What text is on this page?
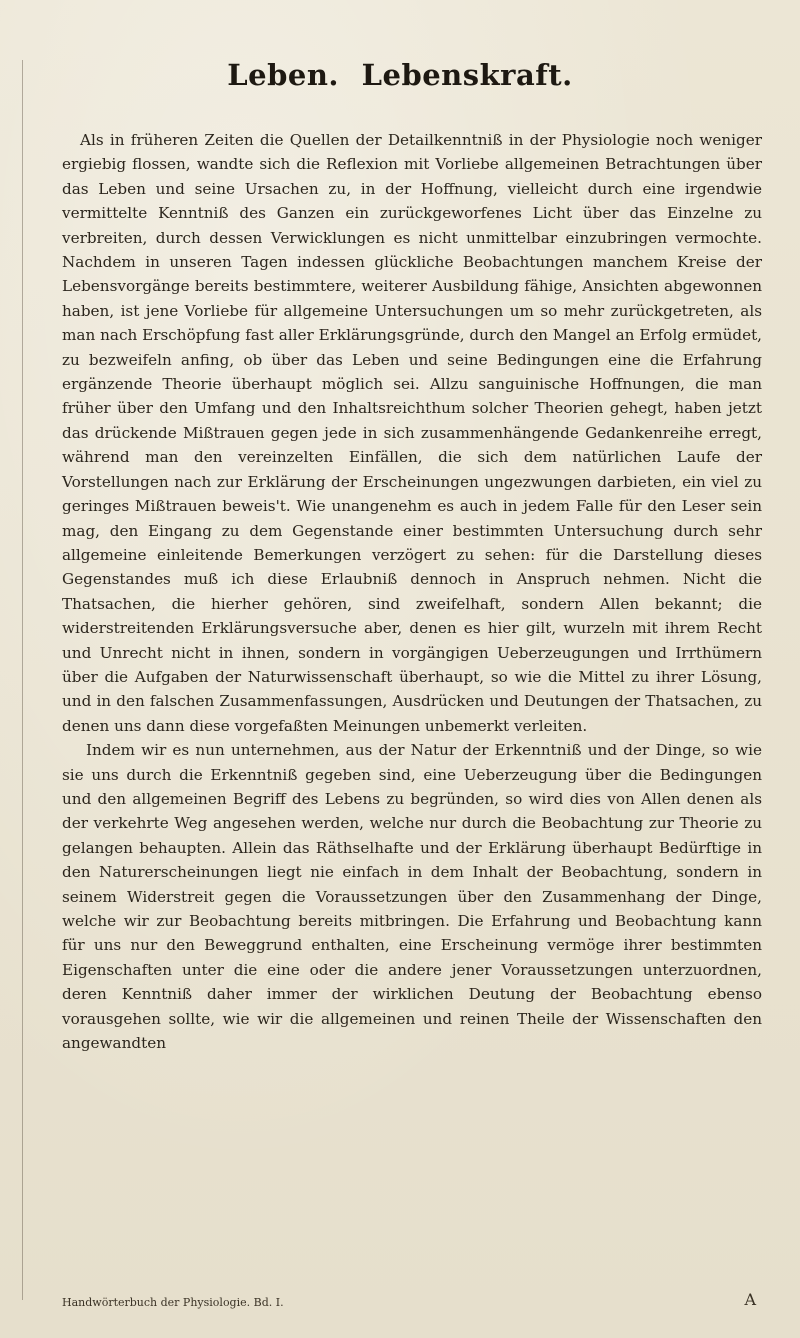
Leben. Lebenskraft.

Als in früheren Zeiten die Quellen der Detailkenntniß in der Physiologie noch weniger ergiebig flossen, wandte sich die Reflexion mit Vorliebe allgemeinen Betrachtungen über das Leben und seine Ursachen zu, in der Hoffnung, vielleicht durch eine irgendwie vermittelte Kenntniß des Ganzen ein zurückgeworfenes Licht über das Einzelne zu verbreiten, durch dessen Verwicklungen es nicht unmittelbar einzubringen vermochte. Nachdem in unseren Tagen indessen glückliche Beobachtungen manchem Kreise der Lebensvorgänge bereits bestimmtere, weiterer Ausbildung fähige, Ansichten abgewonnen haben, ist jene Vorliebe für allgemeine Untersuchungen um so mehr zurückgetreten, als man nach Erschöpfung fast aller Erklärungsgründe, durch den Mangel an Erfolg ermüdet, zu bezweifeln anfing, ob über das Leben und seine Bedingungen eine die Erfahrung ergänzende Theorie überhaupt möglich sei. Allzu sanguinische Hoffnungen, die man früher über den Umfang und den Inhaltsreichthum solcher Theorien gehegt, haben jetzt das drückende Mißtrauen gegen jede in sich zusammenhängende Gedankenreihe erregt, während man den vereinzelten Einfällen, die sich dem natürlichen Laufe der Vorstellungen nach zur Erklärung der Erscheinungen ungezwungen darbieten, ein viel zu geringes Mißtrauen beweis't. Wie unangenehm es auch in jedem Falle für den Leser sein mag, den Eingang zu dem Gegenstande einer bestimmten Untersuchung durch sehr allgemeine einleitende Bemerkungen verzögert zu sehen: für die Darstellung dieses Gegenstandes muß ich diese Erlaubniß dennoch in Anspruch nehmen. Nicht die Thatsachen, die hierher gehören, sind zweifelhaft, sondern Allen bekannt; die widerstreitenden Erklärungsversuche aber, denen es hier gilt, wurzeln mit ihrem Recht und Unrecht nicht in ihnen, sondern in vorgängigen Ueberzeugungen und Irrthümern über die Aufgaben der Naturwissenschaft überhaupt, so wie die Mittel zu ihrer Lösung, und in den falschen Zusammenfassungen, Ausdrücken und Deutungen der Thatsachen, zu denen uns dann diese vorgefaßten Meinungen unbemerkt verleiten.

Indem wir es nun unternehmen, aus der Natur der Erkenntniß und der Dinge, so wie sie uns durch die Erkenntniß gegeben sind, eine Ueberzeugung über die Bedingungen und den allgemeinen Begriff des Lebens zu begründen, so wird dies von Allen denen als der verkehrte Weg angesehen werden, welche nur durch die Beobachtung zur Theorie zu gelangen behaupten. Allein das Räthselhafte und der Erklärung überhaupt Bedürftige in den Naturerscheinungen liegt nie einfach in dem Inhalt der Beobachtung, sondern in seinem Widerstreit gegen die Voraussetzungen über den Zusammenhang der Dinge, welche wir zur Beobachtung bereits mitbringen. Die Erfahrung und Beobachtung kann für uns nur den Beweggrund enthalten, eine Erscheinung vermöge ihrer bestimmten Eigenschaften unter die eine oder die andere jener Voraussetzungen unterzuordnen, deren Kenntniß daher immer der wirklichen Deutung der Beobachtung ebenso vorausgehen sollte, wie wir die allgemeinen und reinen Theile der Wissenschaften den angewandten

Handwörterbuch der Physiologie. Bd. I.	A
